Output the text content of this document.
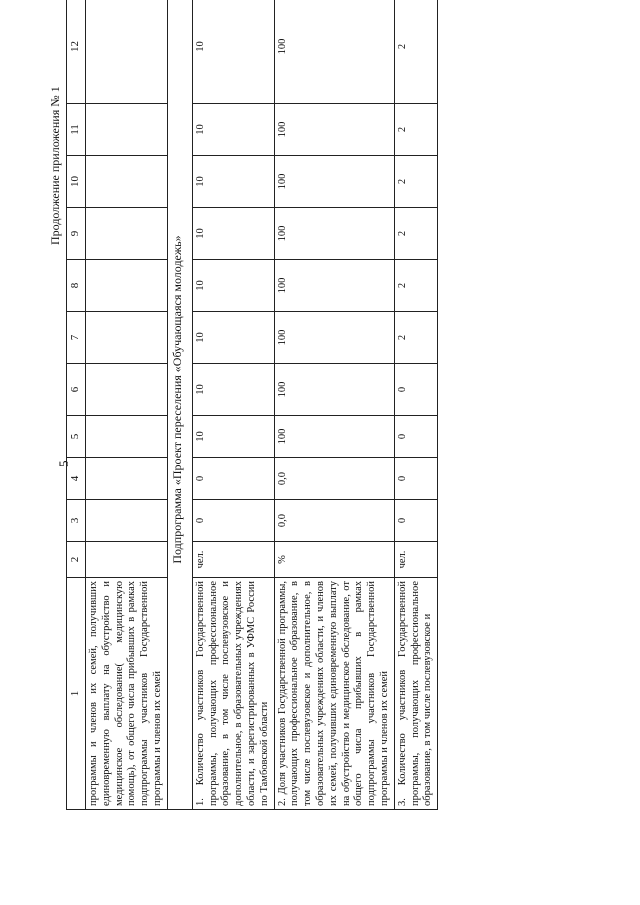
5
Продолжение приложения № 1
1	2	3	4	5	6	7	8	9	10	11	12
программы и членов их семей, получивших единовременную выплату на обустройство и медицинское обследование( медицинскую помощь), от общего числа прибывших в рамках подпрограммы участников Государственной программы и членов их семей											
Подпрограмма «Проект переселения «Обучающаяся молодежь»											
1. Количество участников Государственной программы, получающих профессиональное образование, в том числе послевузовское и дополнительное, в образовательных учреждениях области, и зарегистрированных в УФМС России по Тамбовской области	чел.	0	0	10	10	10	10	10	10	10	10
2. Доля участников Государственной программы, получающих профессиональное образование, в том числе послевузовское и дополнительное, в образовательных учреждениях области, и членов их семей, получивших единовременную выплату на обустройство и медицинское обследование, от общего числа прибывших в рамках подпрограммы участников Государственной программы и членов их семей	%	0,0	0,0	100	100	100	100	100	100	100	100
3. Количество участников Государственной программы, получающих профессиональное образование, в том числе послевузовское и	чел.	0	0	0	0	2	2	2	2	2	2
